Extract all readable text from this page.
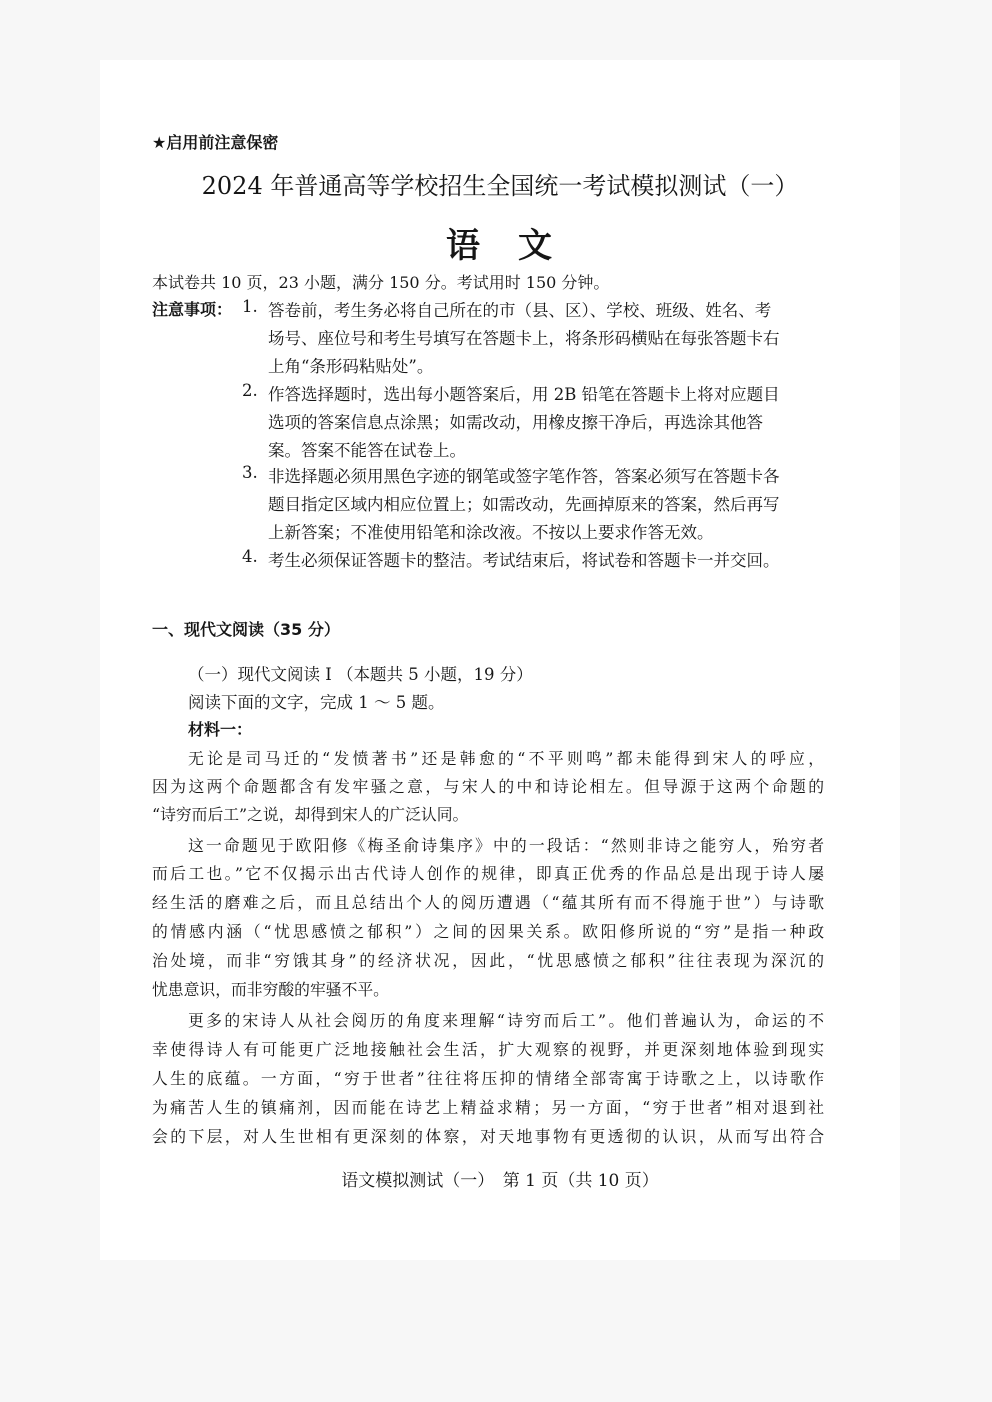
★启用前注意保密
2024 年普通高等学校招生全国统一考试模拟测试（一）
语　文
本试卷共 10 页，23 小题，满分 150 分。考试用时 150 分钟。
注意事项： 1. 答卷前，考生务必将自己所在的市（县、区）、学校、班级、姓名、考
场号、座位号和考生号填写在答题卡上，将条形码横贴在每张答题卡右
上角“条形码粘贴处”。
2. 作答选择题时，选出每小题答案后，用 2B 铅笔在答题卡上将对应题目
选项的答案信息点涂黑；如需改动，用橡皮擦干净后，再选涂其他答
案。答案不能答在试卷上。
3. 非选择题必须用黑色字迹的钢笔或签字笔作答，答案必须写在答题卡各
题目指定区域内相应位置上；如需改动，先画掉原来的答案，然后再写
上新答案；不准使用铅笔和涂改液。不按以上要求作答无效。
4. 考生必须保证答题卡的整洁。考试结束后，将试卷和答题卡一并交回。
一、现代文阅读（35 分）
（一）现代文阅读 I （本题共 5 小题，19 分）
阅读下面的文字，完成 1 ～ 5 题。
材料一：
无论是司马迁的“发愤著书”还是韩愈的“不平则鸣”都未能得到宋人的呼应，
因为这两个命题都含有发牢骚之意，与宋人的中和诗论相左。但导源于这两个命题的
“诗穷而后工”之说，却得到宋人的广泛认同。
这一命题见于欧阳修《梅圣俞诗集序》中的一段话：“然则非诗之能穷人，殆穷者
而后工也。”它不仅揭示出古代诗人创作的规律，即真正优秀的作品总是出现于诗人屡
经生活的磨难之后，而且总结出个人的阅历遭遇（“蕴其所有而不得施于世”）与诗歌
的情感内涵（“忧思感愤之郁积”）之间的因果关系。欧阳修所说的“穷”是指一种政
治处境，而非“穷饿其身”的经济状况，因此，“忧思感愤之郁积”往往表现为深沉的
忧患意识，而非穷酸的牢骚不平。
更多的宋诗人从社会阅历的角度来理解“诗穷而后工”。他们普遍认为，命运的不
幸使得诗人有可能更广泛地接触社会生活，扩大观察的视野，并更深刻地体验到现实
人生的底蕴。一方面，“穷于世者”往往将压抑的情绪全部寄寓于诗歌之上，以诗歌作
为痛苦人生的镇痛剂，因而能在诗艺上精益求精；另一方面，“穷于世者”相对退到社
会的下层，对人生世相有更深刻的体察，对天地事物有更透彻的认识，从而写出符合
语文模拟测试（一）　第 1 页（共 10 页）
